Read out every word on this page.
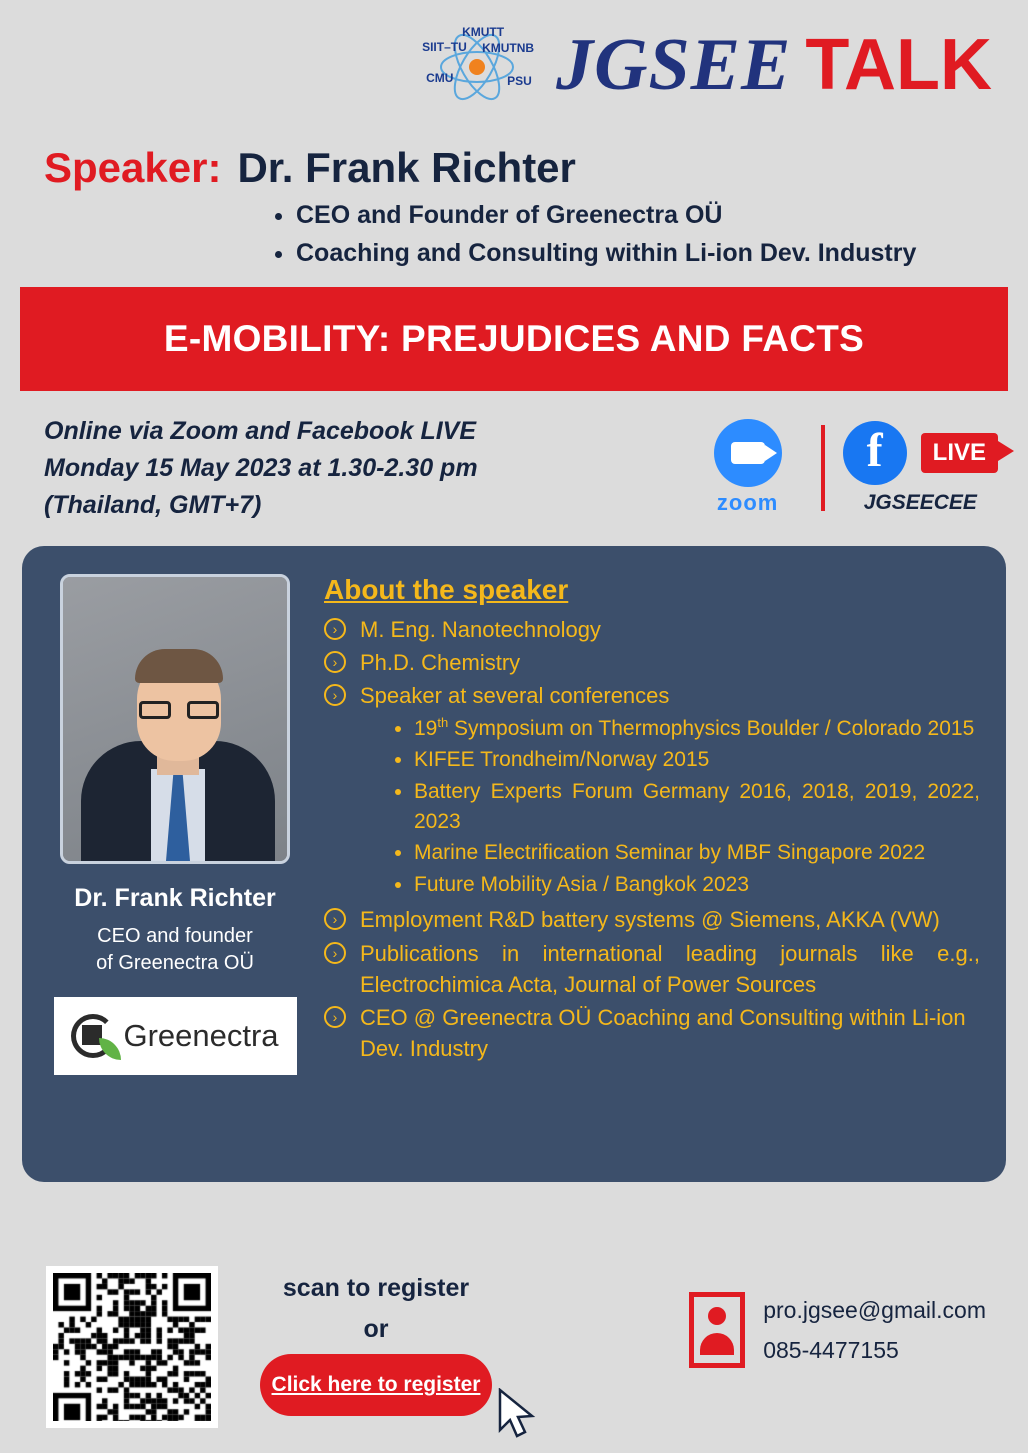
KMUTT
SIIT–TU KMUTNB
CMU	PSU JGSEE TALK
Speaker: Dr. Frank Richter
• CEO and Founder of Greenectra OÜ
• Coaching and Consulting within Li-ion Dev. Industry
E-MOBILITY: PREJUDICES AND FACTS
Online via Zoom and Facebook LIVE
Monday 15 May 2023 at 1.30-2.30 pm
(Thailand, GMT+7)	zoom
f	LIVE
JGSEECEE
Dr. Frank Richter
CEO and founder
of Greenectra OÜ
Greenectra
About the speaker
›	M. Eng. Nanotechnology
›	Ph.D. Chemistry
›	Speaker at several conferences
• 19th Symposium on Thermophysics Boulder / Colorado 2015
• KIFEE Trondheim/Norway 2015
• Battery Experts Forum Germany 2016, 2018, 2019, 2022, 2023
• Marine Electrification Seminar by MBF Singapore 2022
• Future Mobility Asia / Bangkok 2023
›	Employment R&D battery systems @ Siemens, AKKA (VW)
›	Publications in international leading journals like e.g., Electrochimica Acta, Journal of Power Sources
›	CEO @ Greenectra OÜ Coaching and Consulting within Li-ion Dev. Industry
scan to register
or
Click here to register
pro.jgsee@gmail.com
085-4477155
